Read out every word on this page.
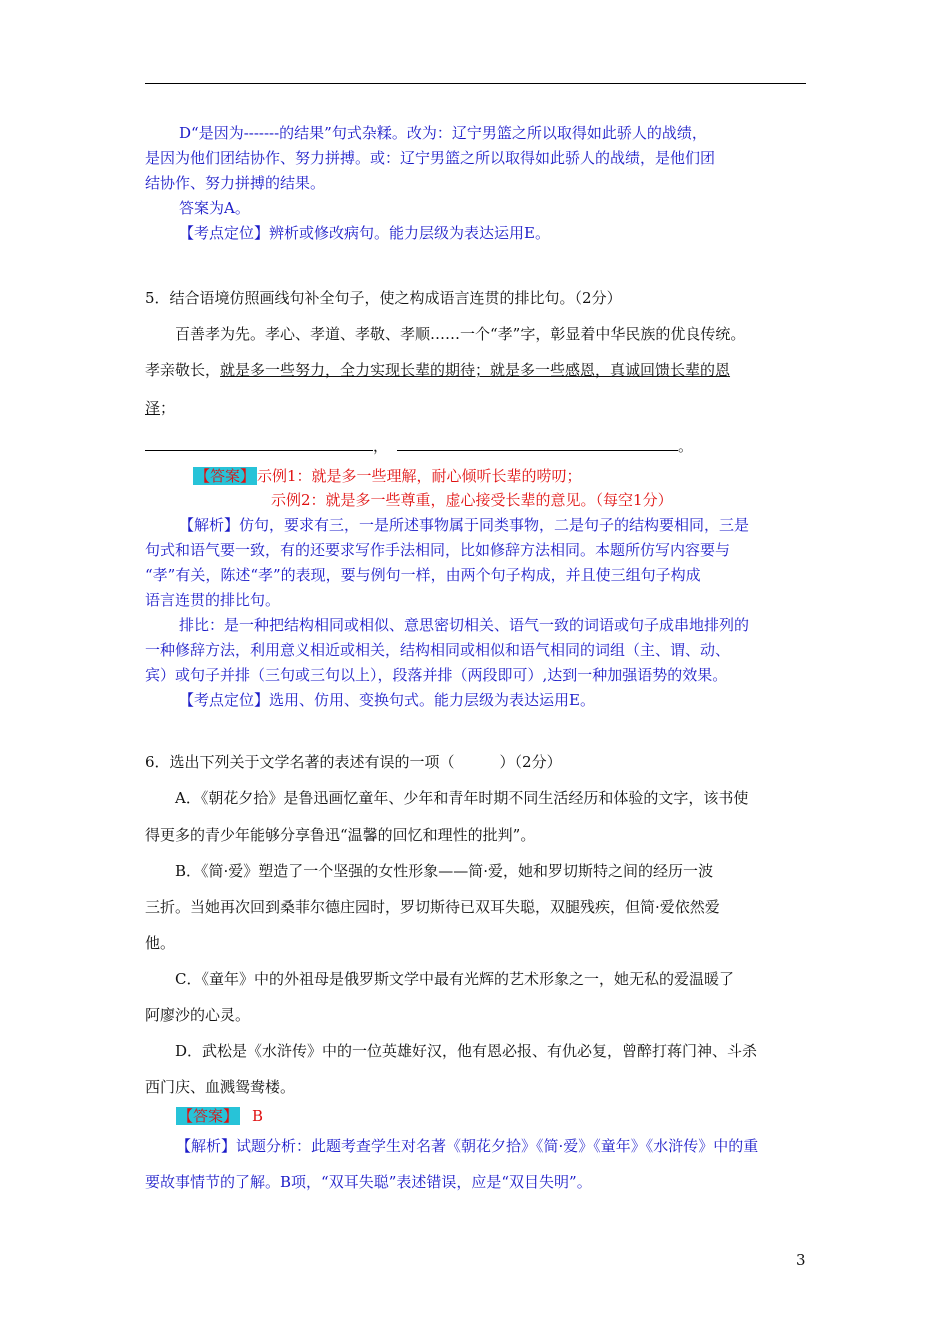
D“是因为-------的结果”句式杂糅。改为：辽宁男篮之所以取得如此骄人的战绩，
是因为他们团结协作、努力拼搏。或：辽宁男篮之所以取得如此骄人的战绩，是他们团
结协作、努力拼搏的结果。
答案为A。
【考点定位】辨析或修改病句。能力层级为表达运用E。
5．结合语境仿照画线句补全句子，使之构成语言连贯的排比句。（2分）
百善孝为先。孝心、孝道、孝敬、孝顺……一个“孝”字，彰显着中华民族的优良传统。
孝亲敬长，就是多一些努力，全力实现长辈的期待；就是多一些感恩，真诚回馈长辈的恩
泽；
，	。
【答案】 示例1：就是多一些理解，耐心倾听长辈的唠叨；
示例2：就是多一些尊重，虚心接受长辈的意见。（每空1分）
【解析】仿句，要求有三，一是所述事物属于同类事物，二是句子的结构要相同，三是
句式和语气要一致，有的还要求写作手法相同，比如修辞方法相同。本题所仿写内容要与
“孝”有关，陈述“孝”的表现，要与例句一样，由两个句子构成，并且使三组句子构成
语言连贯的排比句。
排比：是一种把结构相同或相似、意思密切相关、语气一致的词语或句子成串地排列的
一种修辞方法，利用意义相近或相关，结构相同或相似和语气相同的词组（主、谓、动、
宾）或句子并排（三句或三句以上），段落并排（两段即可）,达到一种加强语势的效果。
【考点定位】选用、仿用、变换句式。能力层级为表达运用E。
6．选出下列关于文学名著的表述有误的一项（　　　）（2分）
A．《朝花夕拾》是鲁迅画忆童年、少年和青年时期不同生活经历和体验的文字，该书使
得更多的青少年能够分享鲁迅“温馨的回忆和理性的批判”。
B．《简·爱》塑造了一个坚强的女性形象——简·爱，她和罗切斯特之间的经历一波
三折。当她再次回到桑菲尔德庄园时，罗切斯待已双耳失聪，双腿残疾，但简·爱依然爱
他。
C．《童年》中的外祖母是俄罗斯文学中最有光辉的艺术形象之一，她无私的爱温暖了
阿廖沙的心灵。
D．武松是《水浒传》中的一位英雄好汉，他有恩必报、有仇必复，曾醉打蒋门神、斗杀
西门庆、血溅鸳鸯楼。
【答案】 B
【解析】试题分析：此题考查学生对名著《朝花夕拾》《简·爱》《童年》《水浒传》中的重
要故事情节的了解。B项，“双耳失聪”表述错误，应是“双目失明”。
3
